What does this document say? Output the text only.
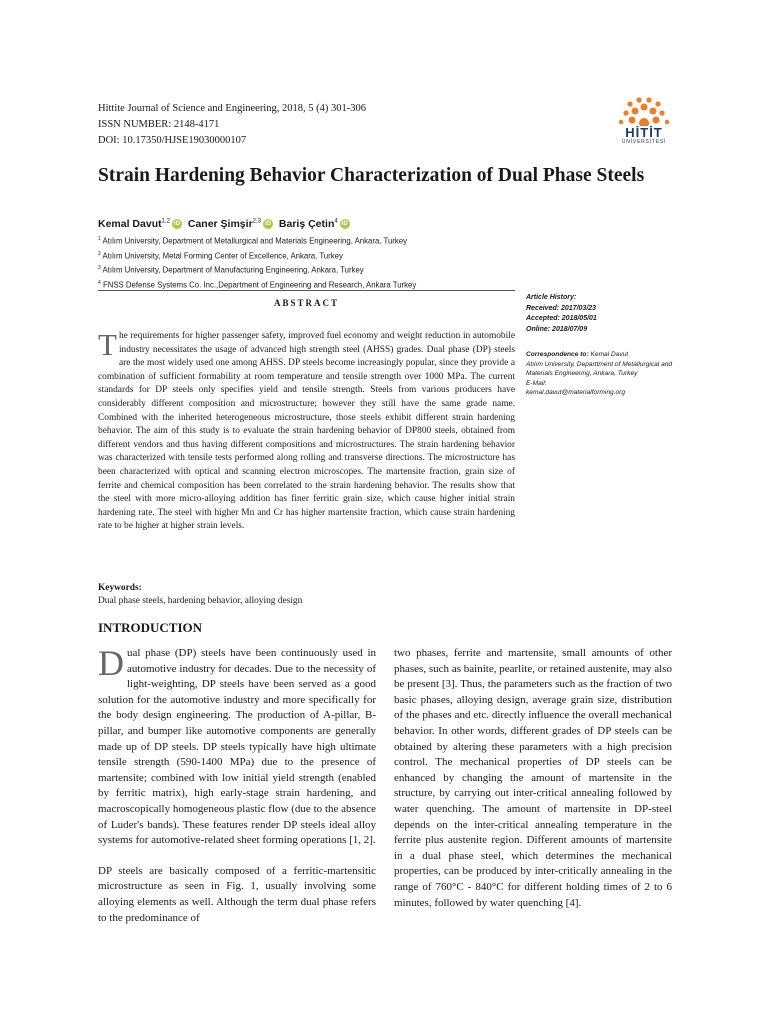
Hittite Journal of Science and Engineering, 2018, 5 (4) 301-306
ISSN NUMBER: 2148-4171
DOI: 10.17350/HJSE19030000107
HİTİT
ÜNİVERSİTESİ
Strain Hardening Behavior Characterization of Dual Phase Steels
Kemal Davut$^{1,2}$ iD Caner Şimşir$^{2,3}$ iD Bariş Çetin$^4$ iD
$^1$ Atılım University, Department of Metallurgical and Materials Engineering, Ankara, Turkey
$^2$ Atılım University, Metal Forming Center of Excellence, Ankara, Turkey
$^3$ Atılım University, Department of Manufacturing Engineering, Ankara, Turkey
$^4$ FNSS Defense Systems Co. Inc.,Department of Engineering and Research, Ankara Turkey
ABSTRACT

The requirements for higher passenger safety, improved fuel economy and weight reduction in automobile industry necessitates the usage of advanced high strength steel (AHSS) grades. Dual phase (DP) steels are the most widely used one among AHSS. DP steels become increasingly popular, since they provide a combination of sufficient formability at room temperature and tensile strength over 1000 MPa. The current standards for DP steels only specifies yield and tensile strength. Steels from various producers have considerably different composition and microstructure; however they still have the same grade name. Combined with the inherited heterogeneous microstructure, those steels exhibit different strain hardening behavior. The aim of this study is to evaluate the strain hardening behavior of DP800 steels, obtained from different vendors and thus having different compositions and microstructures. The strain hardening behavior was characterized with tensile tests performed along rolling and transverse directions. The microstructure has been characterized with optical and scanning electron microscopes. The martensite fraction, grain size of ferrite and chemical composition has been correlated to the strain hardening behavior. The results show that the steel with more micro-alloying addition has finer ferritic grain size, which cause higher initial strain hardening rate. The steel with higher Mn and Cr has higher martensite fraction, which cause strain hardening rate to be higher at higher strain levels.

Article History:
Received: 2017/03/23
Accepted: 2018/05/01
Online: 2018/07/09
Correspondence to: Kemal Davut
Atılım University, Departtment of Metallurgical and Materials Engineering, Ankara, Turkey
E-Mail:
kemal.davut@materialforming.org
Keywords:
Dual phase steels, hardening behavior, alloying design
INTRODUCTION

Dual phase (DP) steels have been continuously used in automotive industry for decades. Due to the necessity of light-weighting, DP steels have been served as a good solution for the automotive industry and more specifically for the body design engineering. The production of A-pillar, B-pillar, and bumper like automotive components are generally made up of DP steels. DP steels typically have high ultimate tensile strength (590-1400 MPa) due to the presence of martensite; combined with low initial yield strength (enabled by ferritic matrix), high early-stage strain hardening, and macroscopically homogeneous plastic flow (due to the absence of Luder's bands). These features render DP steels ideal alloy systems for automotive-related sheet forming operations [1, 2].

DP steels are basically composed of a ferritic-martensitic microstructure as seen in Fig. 1, usually involving some alloying elements as well. Although the term dual phase refers to the predominance of

two phases, ferrite and martensite, small amounts of other phases, such as bainite, pearlite, or retained austenite, may also be present [3]. Thus, the parameters such as the fraction of two basic phases, alloying design, average grain size, distribution of the phases and etc. directly influence the overall mechanical behavior. In other words, different grades of DP steels can be obtained by altering these parameters with a high precision control. The mechanical properties of DP steels can be enhanced by changing the amount of martensite in the structure, by carrying out inter-critical annealing followed by water quenching. The amount of martensite in DP-steel depends on the inter-critical annealing temperature in the ferrite plus austenite region. Different amounts of martensite in a dual phase steel, which determines the mechanical properties, can be produced by inter-critically annealing in the range of 760°C - 840°C for different holding times of 2 to 6 minutes, followed by water quenching [4].
